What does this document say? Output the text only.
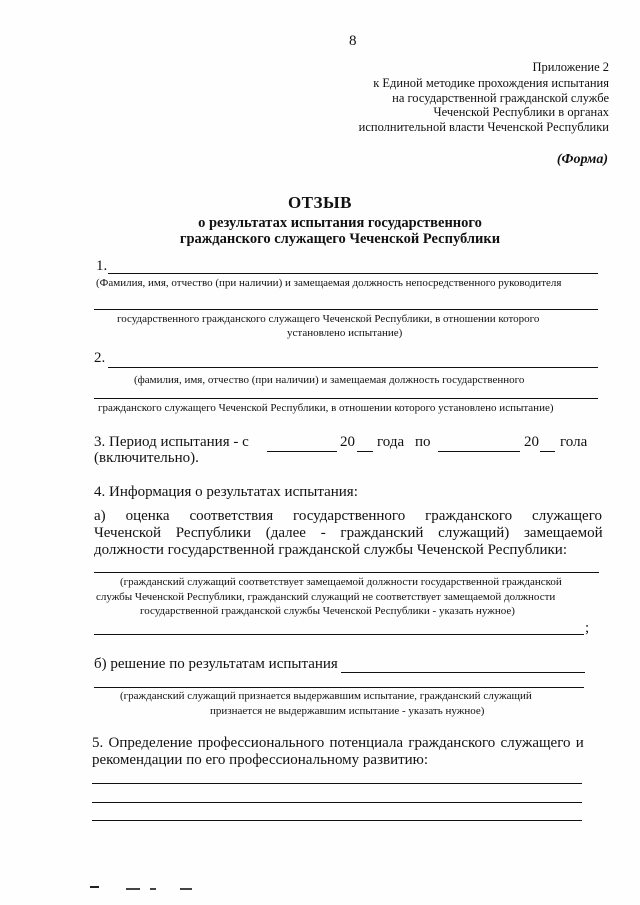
8
Приложение 2
к Единой методике прохождения испытания
на государственной гражданской службе
Чеченской Республики в органах
исполнительной власти Чеченской Республики
(Форма)
ОТЗЫВ
о результатах испытания государственного
гражданского служащего Чеченской Республики
1.
(Фамилия, имя, отчество (при наличии) и замещаемая должность непосредственного руководителя
государственного гражданского служащего Чеченской Республики, в отношении которого
установлено испытание)
2.
(фамилия, имя, отчество (при наличии) и замещаемая должность государственного
гражданского служащего Чеченской Республики, в отношении которого установлено испытание)
3. Период испытания - с	20 года по	20 гола
(включительно).
4. Информация о результатах испытания:
а) оценка соответствия государственного гражданского служащего
Чеченской Республики (далее - гражданский служащий) замещаемой
должности государственной гражданской службы Чеченской Республики:
(гражданский служащий соответствует замещаемой должности государственной гражданской
службы Чеченской Республики, гражданский служащий не соответствует замещаемой должности
государственной гражданской службы Чеченской Республики - указать нужное)
;
б) решение по результатам испытания
(гражданский служащий признается выдержавшим испытание, гражданский служащий
признается не выдержавшим испытание - указать нужное)
5. Определение профессионального потенциала гражданского служащего и
рекомендации по его профессиональному развитию:
